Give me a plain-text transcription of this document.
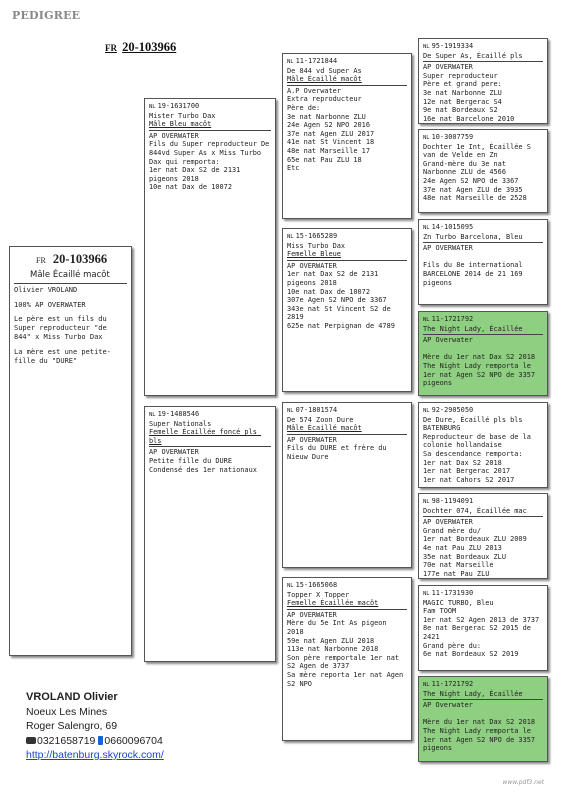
PEDIGREE
FR 20-103966
FR 20-103966
Mâle Écaillé macôt
Olivier VROLAND
100% AP OVERWATER
Le père est un fils du Super reproducteur "de 844" x Miss Turbo Dax
La mère est une petite-fille du "DURE"
NL 19-1631700
Mister Turbo Dax
Mâle Bleu macôt
AP OVERWATER
Fils du Super reproducteur De 844vd Super As x Miss Turbo Dax qui remporta:
1er nat Dax S2 de 2131 pigeons 2018
10e nat Dax de 10072
NL 19-1488546
Super Nationals
Femelle Écaillée foncé pls bls
AP OVERWATER
Petite fille du DURE
Condensé des 1er nationaux
NL 11-1721844
De 844 vd Super As
Mâle Écaillé macôt
A.P Overwater
Extra reproducteur
Père de:
3e nat Narbonne ZLU
24e Agen S2 NPO 2016
37e nat Agen ZLU 2017
41e nat St Vincent 18
48e nat Marseille 17
65e nat Pau ZLU 18
Etc
NL 15-1665289
Miss Turbo Dax
Femelle Bleue
AP OVERWATER
1er nat Dax S2 de 2131 pigeons 2018
10e nat Dax de 10072
307e Agen S2 NPO de 3367
343e nat St Vincent S2 de 2819
625e nat Perpignan de 4789
NL 07-1801574
De 574 Zoon Dure
Mâle Écaillé macôt
AP OVERWATER
Fils du DURE et frère du Nieuw Dure
NL 15-1665068
Topper X Topper
Femelle Écaillée macôt
AP OVERWATER
Mère du 5e Int As pigeon 2018
59e nat Agen ZLU 2018
113e nat Narbonne 2018
Son père remportale 1er nat S2 Agen de 3737
Sa mère reporta 1er nat Agen S2 NPO
NL 95-1919334
De Super As, Écaillé pls
AP OVERWATER
Super reproducteur
Père et grand pere:
3e nat Narbonne ZLU
12e nat Bergerac S4
9e nat Bordeaux S2
16e nat Barcelone 2010
NL 10-3007759
Dochter 1e Int, Écaillée S van de Velde en Zn
Grand-mère du 3e nat Narbonne ZLU de 4566
24e Agen S2 NPO de 3367
37e nat Agen ZLU de 3935
48e nat Marseille de 2528
NL 14-1015095
Zn Turbo Barcelona, Bleu
AP OVERWATER
Fils du 8e international BARCELONE 2014 de 21 169 pigeons
NL 11-1721792
The Night Lady, Écaillée
AP Overwater
Mère du 1er nat Dax S2 2018
The Night Lady remporta le 1er nat Agen S2 NPO de 3357 pigeons
NL 92-2905050
De Dure, Écaillé pls bls
BATENBURG
Reproducteur de base de la colonie hollandaise
Sa descendance remporta:
1er nat Dax S2 2018
1er nat Bergerac 2017
1er nat Cahors S2 2017
NL 98-1194091
Dochter 074, Écaillée mac
AP OVERWATER
Grand mère du/
1er nat Bordeaux ZLU 2009
4e nat Pau ZLU 2013
35e nat Bordeaux ZLU
70e nat Marseille
177e nat Pau ZLU
NL 11-1731930
MAGIC TURBO, Bleu
Fam TOOM
1er nat S2 Agen 2013 de 3737
8e nat Bergerac S2 2015 de 2421
Grand père du:
6e nat Bordeaux S2 2019
NL 11-1721792
The Night Lady, Écaillée
AP Overwater
Mère du 1er nat Dax S2 2018
The Night Lady remporta le 1er nat Agen S2 NPO de 3357 pigeons
VROLAND Olivier
Noeux Les Mines
Roger Salengro, 69
0321658719 0660096704
http://batenburg.skyrock.com/
www.pdf3.net
